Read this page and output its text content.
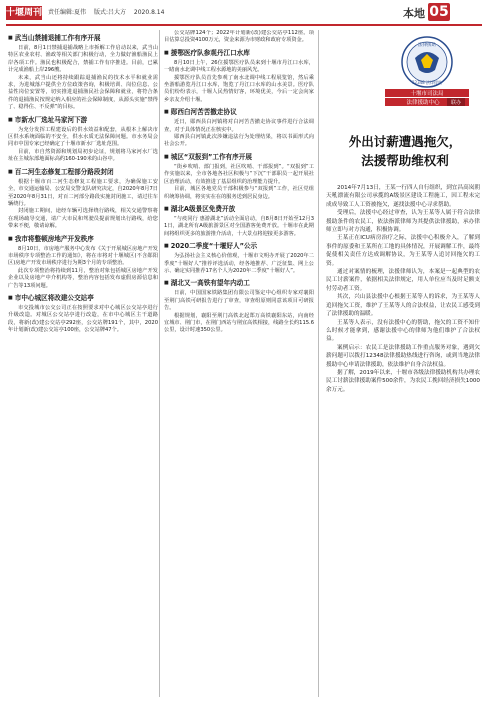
十堰周刊 责任编辑:夏伟 版式:吕大方 2020.8.14	本地 05
■ 武当山禁捕退捕工作有序开展

日前，8月1日禁捕退捕战略上市拆解工作启动以来，武当山特区农业农村、渔政等相关部门积极行动，全力做好渔船渔民上岸各项工作。渔民也积极配合，禁捕工作有序推进。目前，已累计完成渔船上岸296艘。

未来，武当山还将持续跟踪退捕渔民的技术水平和就业需求，为进城落户提供全方位政策咨询，积极培训、岗位信息、公益性岗位安置等，切实推进退捕渔民社会保障和就业，将符合条件的退捕渔民按规定纳入相应的社会保障制度，从源头实施“禁得了、稳得住、不反弹”的目标。

■ 市新水厂选址马家河下游

为充分发挥工程建设后的供水效益和配套，从根本上解决市区供水系统面临的不安全，供水水质无法保障问题。市水务局会同市中国专家已经确定了十堰市新水厂选址范围。

目前，市自然资源和规划局初步论证，规划将马家河水厂选址在主城东部地面标高约160-190米的山谷中。

■ 百二河生态修复工程部分路段封闭

根据十堰市百二河生态修复工程施工要求，为确保施工安全，市交通运输局、公安局交警支队研究决定，自2020年8月7日至2020年8月31日，对百二河部分路段实施封闭施工，请过往车辆绕行。

封闭施工期间，途经车辆可选择绕行路线，相关交通警察将在现场疏导交通，请广大市民和驾驶员提前规划出行路线，给您带来不便，敬请谅解。

■ 我市将整顿房地产开发秩序

8月10日，市房地产服务中心发布《关于开展城区房地产开发市场秩序专项整治工作的通知》，将在市将对十堰城区(不含郧阳区)房地产开发市场秩序进行为期3个月的专项整治。

此次专项整治将持续到11月，整治对象包括城区房地产开发企业以及房地产中介机构等，整治内容包括发布虚假房源信息和广告等13项问题。

■ 市中心城区将改建公交站亭

市交投城市公交公司正在按照要求对中心城区公交站亭进行升级改造。对城区公交站亭进行改造，在市中心城区主干道路段，将新(改)建公交站亭292座，公交站牌191个，其中，2020年计划新(改)建公交站亭100座，公交站牌47个。

公交站牌124个；2022年计划新(改)建公交站亭112座。项目估算总投资4100万元，资金来源为市财政和政府专项资金。

■ 援鄂医疗队参观丹江口水库

8月10日上午，26位援鄂医疗队员来到十堰市丹江口水库，一睹南水北调中线工程水源地的美丽风光。

援鄂医疗队员首先参观了南水北调中线工程展览馆，然后乘坐游船游览丹江口水库，饱览了丹江口水库的山水美景。医疗队员们纷纷表示，十堰人民热情好客，环境优美，今后一定会向家乡亲友介绍十堰。

■ 郧西白河苦苦撤走协议

近日，郧西县白河镇将对白河苦苦撤走协议事件进行合法调查，对于具体情况正在核实中。

郧西县白河镇此次涉嫌违法行为处理结果，将以书面形式向社会公开。

■ 城区“双报到”工作有序开展

“街乡吹哨、部门报到，社区吹哨、干部报到”。“双报到”工作实施以来，全市各地各社区积极与“下沉”干部职员一起开展社区治理活动，有效推进了基层组织的治理能力提升。

目前，城区各地党员干部积极参与“双报到”工作，社区党组织统筹协调，将实实在在的服务送到居民身边。

■ 湖北A级景区免费开放

“与疫同行 惠游湖北”活动全面启动，自8月8日开始至12月31日，湖北所有A级旅游景区对全国游客免费开放。十堰市在此期间将组织更多的旅游推介活动，十大景点将迎接更多游客。

■ 2020二季度“十堰好人”公示

为弘扬社会主义核心价值观，十堰市文明办开展了2020年二季度“十堰好人”推荐评选活动，经各地推荐、广泛征集、网上公示、确定实同推荐17名个人为2020年二季度“十堰好人”。

■ 湖北又一高铁有望年内动工

日前，中国国家铁路集团有限公司鉴定中心组织专家对襄阳至荆门高铁可研报告进行了审查，审查组原则同意该项目可研报告。

根据规划，襄阳至荆门高铁北起郑万高铁襄阳东站，向南经宜城市、荆门市，在荆门西站与荆宜高铁相接，线路全长约115.6公里，设计时速350公里。

法律援助
12348 法律援助
十堰市司法局
法律援助中心 联办
外出讨薪遭遇拖欠，
法援帮助维权利

2014年7月13日，王某一行四人自行组织，到宜昌高岚朝天吼漂流有限公司承揽的A级景区建设工程施工，因工程未完成成导致工人工资被拖欠，遂找法援中心寻求帮助。

受理后，法援中心经过审查，认为王某等人属于符合法律援助条件的农民工，依法指派律师为其提供法律援助，承办律师立即与对方沟通，积极协调。

王某正在ICU病房治疗之际，法援中心积极介入，了解到事件的原委和王某所在工地的具体情况，开展调解工作，最终促使相关责任方达成调解协议，为王某等人追讨回拖欠的工资。

通过对案情的梳理，法援律师认为，本案是一起典型的农民工讨薪案件，依据相关法律规定，用人单位应当及时足额支付劳动者工资。

其次，兴山县法援中心根据王某等人的诉求，为王某等人追回拖欠工资，维护了王某等人的合法权益，让农民工感受到了法律援助的温暖。

王某等人表示，没有法援中心的帮助，拖欠的工资不知什么时候才能拿到，感谢法援中心的律师为他们维护了合法权益。

案例启示：农民工是法律援助工作重点服务对象，遇到欠薪问题可以拨打12348法律援助热线进行咨询，或到当地法律援助中心申请法律援助，依法维护自身合法权益。

据了解，2019年以来，十堰市各级法律援助机构共办理农民工讨薪法律援助案件500余件，为农民工挽回经济损失1000余万元。
